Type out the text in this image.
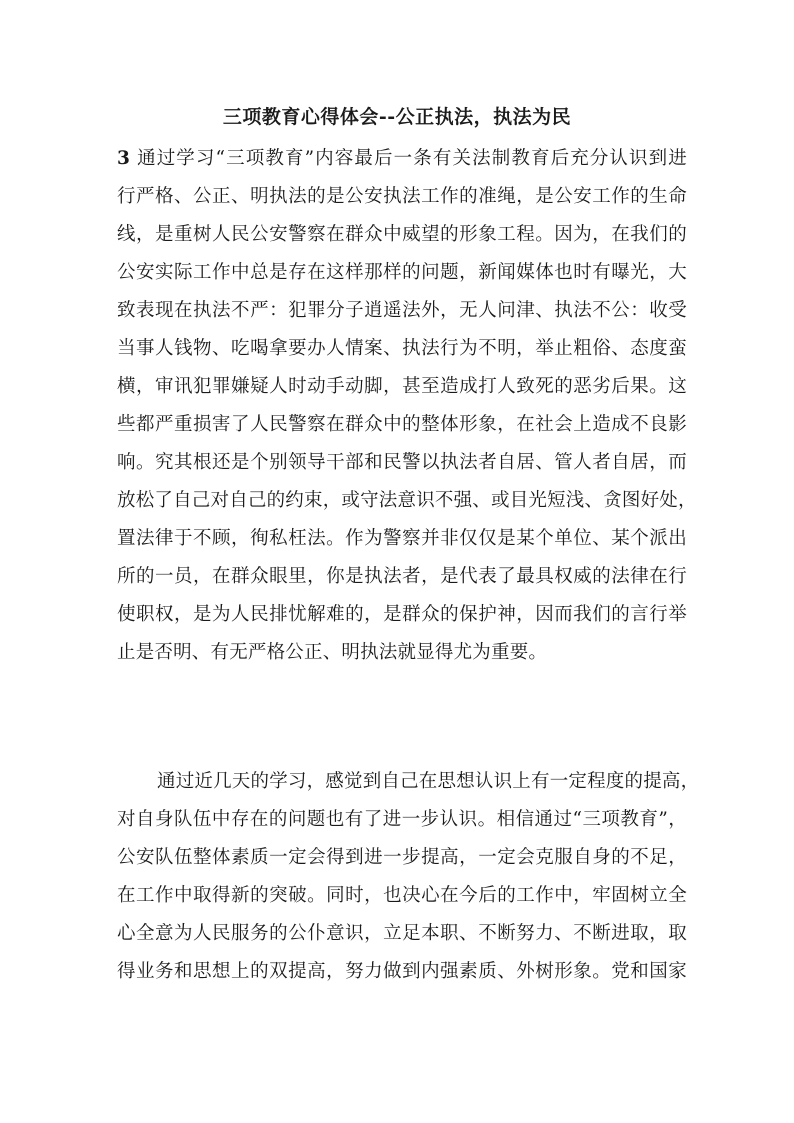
三项教育心得体会--公正执法，执法为民
3 通过学习“三项教育”内容最后一条有关法制教育后充分认识到进
行严格、公正、明执法的是公安执法工作的准绳，是公安工作的生命
线，是重树人民公安警察在群众中威望的形象工程。因为，在我们的
公安实际工作中总是存在这样那样的问题，新闻媒体也时有曝光，大
致表现在执法不严：犯罪分子逍遥法外，无人问津、执法不公：收受
当事人钱物、吃喝拿要办人情案、执法行为不明，举止粗俗、态度蛮
横，审讯犯罪嫌疑人时动手动脚，甚至造成打人致死的恶劣后果。这
些都严重损害了人民警察在群众中的整体形象，在社会上造成不良影
响。究其根还是个别领导干部和民警以执法者自居、管人者自居，而
放松了自己对自己的约束，或守法意识不强、或目光短浅、贪图好处，
置法律于不顾，徇私枉法。作为警察并非仅仅是某个单位、某个派出
所的一员，在群众眼里，你是执法者，是代表了最具权威的法律在行
使职权，是为人民排忧解难的，是群众的保护神，因而我们的言行举
止是否明、有无严格公正、明执法就显得尤为重要。
通过近几天的学习，感觉到自己在思想认识上有一定程度的提高，
对自身队伍中存在的问题也有了进一步认识。相信通过“三项教育”，
公安队伍整体素质一定会得到进一步提高，一定会克服自身的不足，
在工作中取得新的突破。同时，也决心在今后的工作中，牢固树立全
心全意为人民服务的公仆意识，立足本职、不断努力、不断进取，取
得业务和思想上的双提高，努力做到内强素质、外树形象。党和国家
